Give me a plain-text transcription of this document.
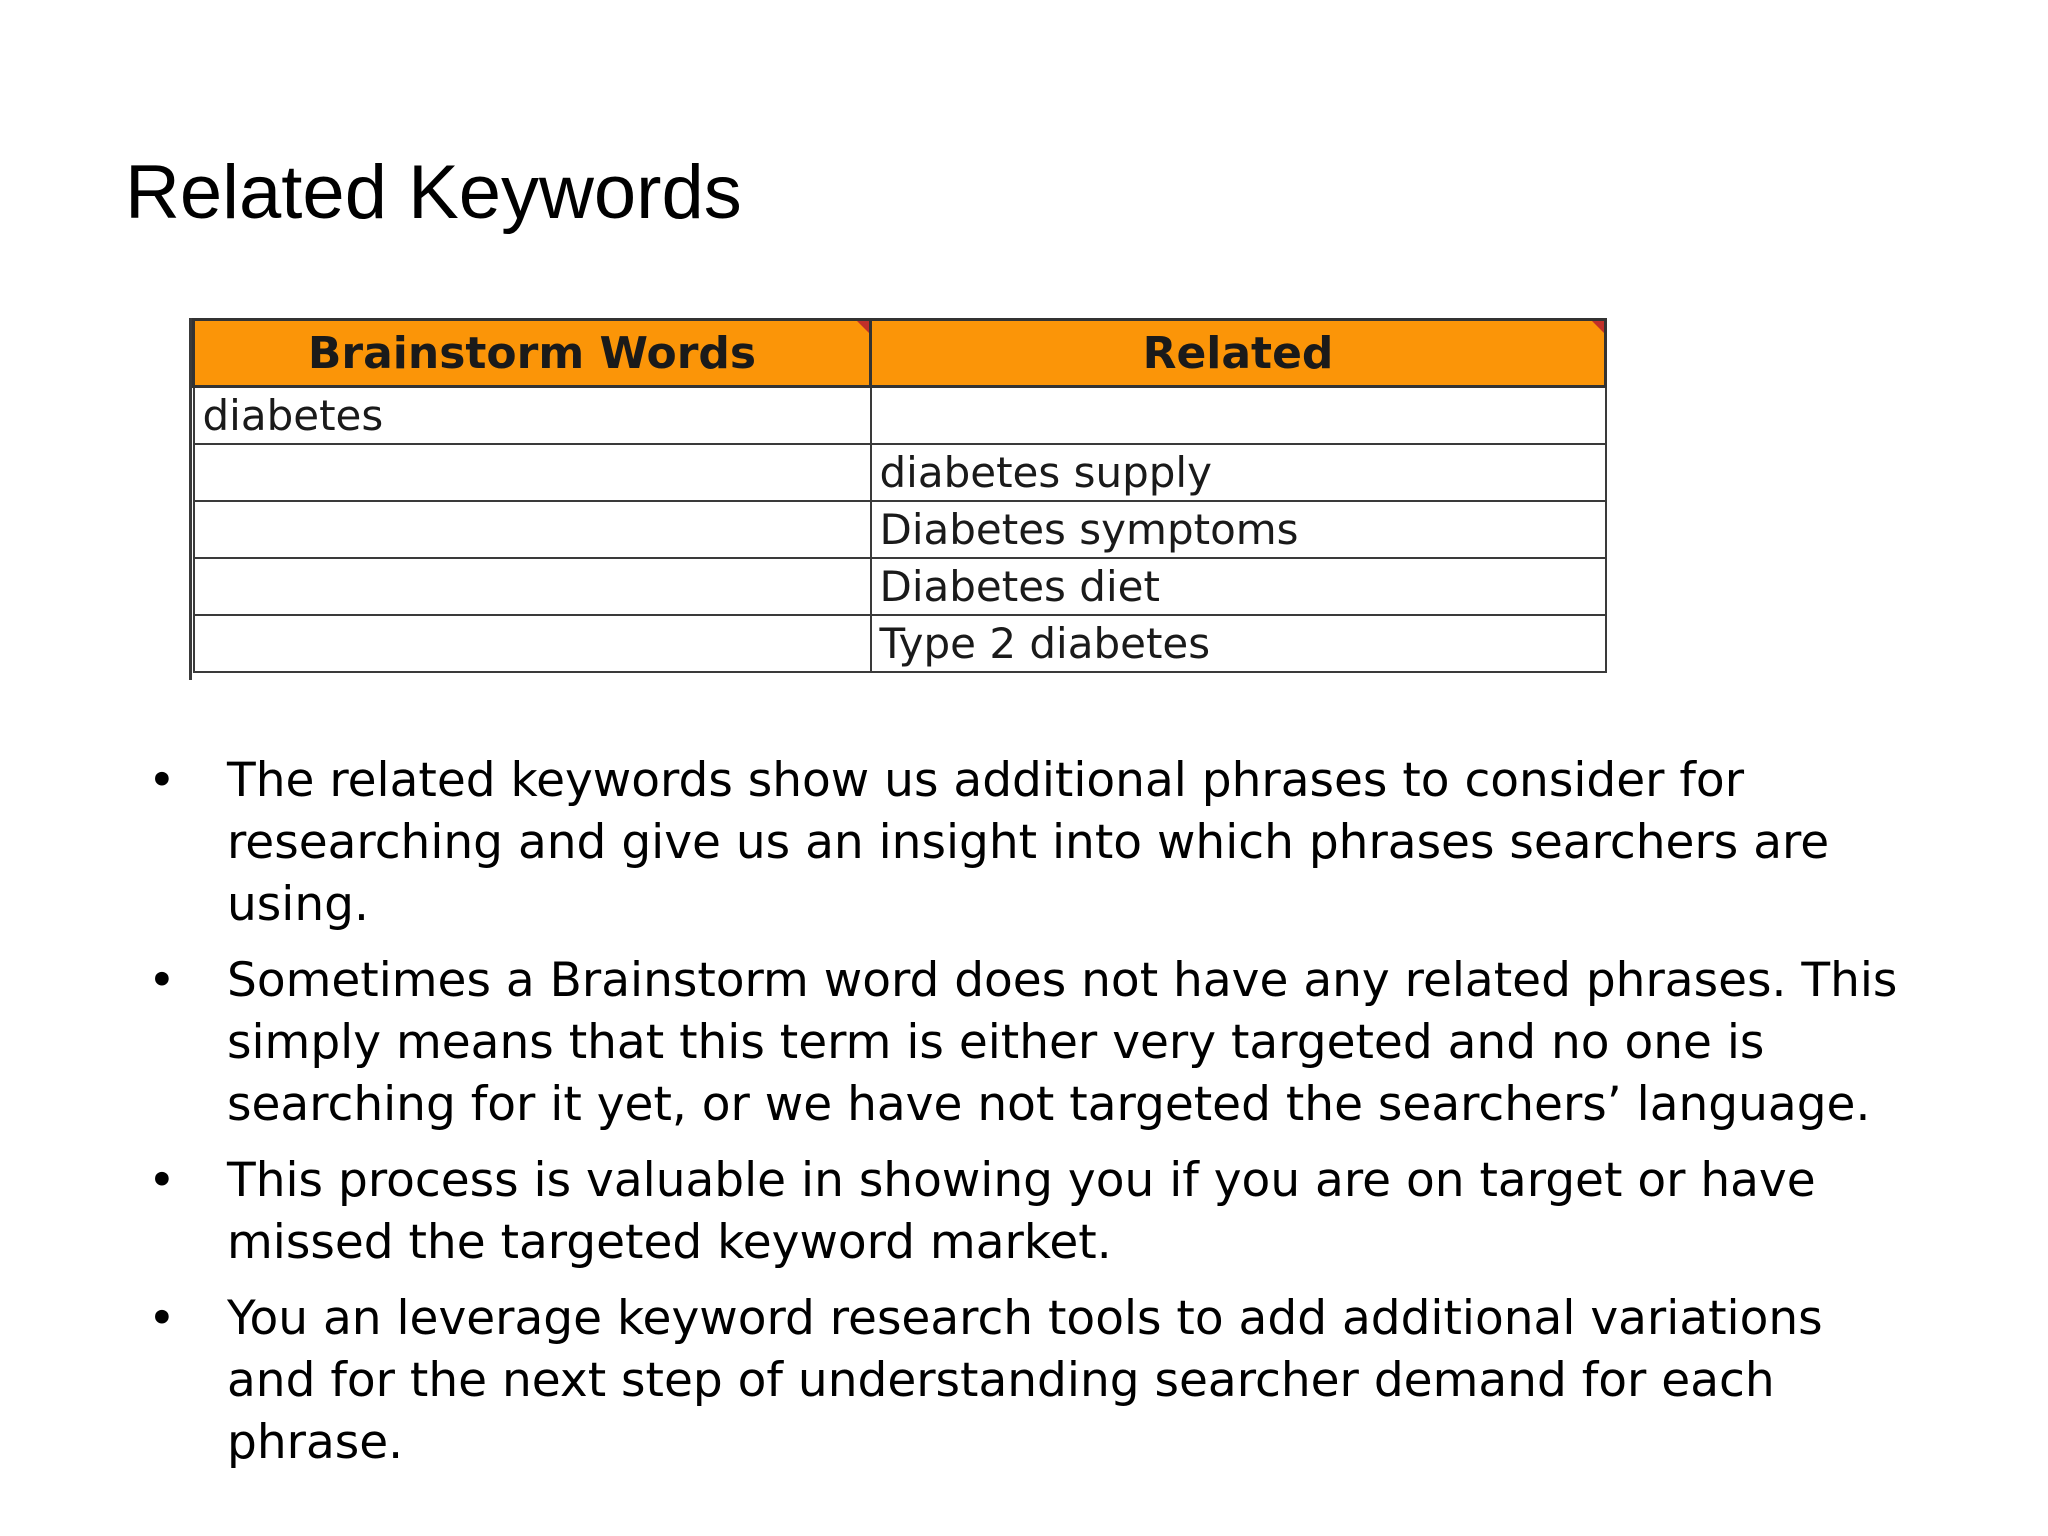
Related Keywords
Brainstorm Words	Related

diabetes	
	diabetes supply
	Diabetes symptoms
	Diabetes diet
	Type 2 diabetes
• The related keywords show us additional phrases to consider for researching and give us an insight into which phrases searchers are using.
• Sometimes a Brainstorm word does not have any related phrases. This simply means that this term is either very targeted and no one is searching for it yet, or we have not targeted the searchers’ language.
• This process is valuable in showing you if you are on target or have missed the targeted keyword market.
• You an leverage keyword research tools to add additional variations and for the next step of understanding searcher demand for each phrase.
